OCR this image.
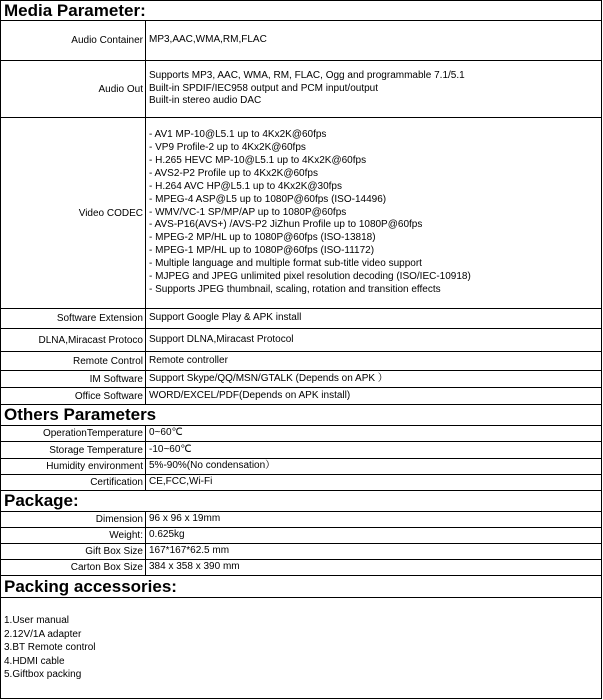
Media Parameter:
Audio Container MP3,AAC,WMA,RM,FLAC
Audio Out
Supports MP3, AAC, WMA, RM, FLAC, Ogg and programmable 7.1/5.1
Built-in SPDIF/IEC958 output and PCM input/output
Built-in stereo audio DAC
Video CODEC
- AV1 MP-10@L5.1 up to 4Kx2K@60fps
- VP9 Profile-2 up to 4Kx2K@60fps
- H.265 HEVC MP-10@L5.1 up to 4Kx2K@60fps
- AVS2-P2 Profile up to 4Kx2K@60fps
- H.264 AVC HP@L5.1 up to 4Kx2K@30fps
- MPEG-4 ASP@L5 up to 1080P@60fps (ISO-14496)
- WMV/VC-1 SP/MP/AP up to 1080P@60fps
- AVS-P16(AVS+) /AVS-P2 JiZhun Profile up to 1080P@60fps
- MPEG-2 MP/HL up to 1080P@60fps (ISO-13818)
- MPEG-1 MP/HL up to 1080P@60fps (ISO-11172)
- Multiple language and multiple format sub-title video support
- MJPEG and JPEG unlimited pixel resolution decoding (ISO/IEC-10918)
- Supports JPEG thumbnail, scaling, rotation and transition effects
Software Extension Support Google Play & APK install
DLNA,Miracast Protoco Support DLNA,Miracast Protocol
Remote Control Remote controller
IM Software Support Skype/QQ/MSN/GTALK (Depends on APK ）
Office Software WORD/EXCEL/PDF(Depends on APK install)
Others Parameters
OperationTemperature 0~60℃
Storage Temperature -10~60℃
Humidity environment 5%-90%(No condensation）
Certification CE,FCC,Wi-Fi
Package:
Dimension 96 x 96 x 19mm
Weight: 0.625kg
Gift Box Size 167*167*62.5 mm
Carton Box Size 384 x 358 x 390 mm
Packing accessories:
1.User manual
2.12V/1A adapter
3.BT Remote control
4.HDMI cable
5.Giftbox packing
